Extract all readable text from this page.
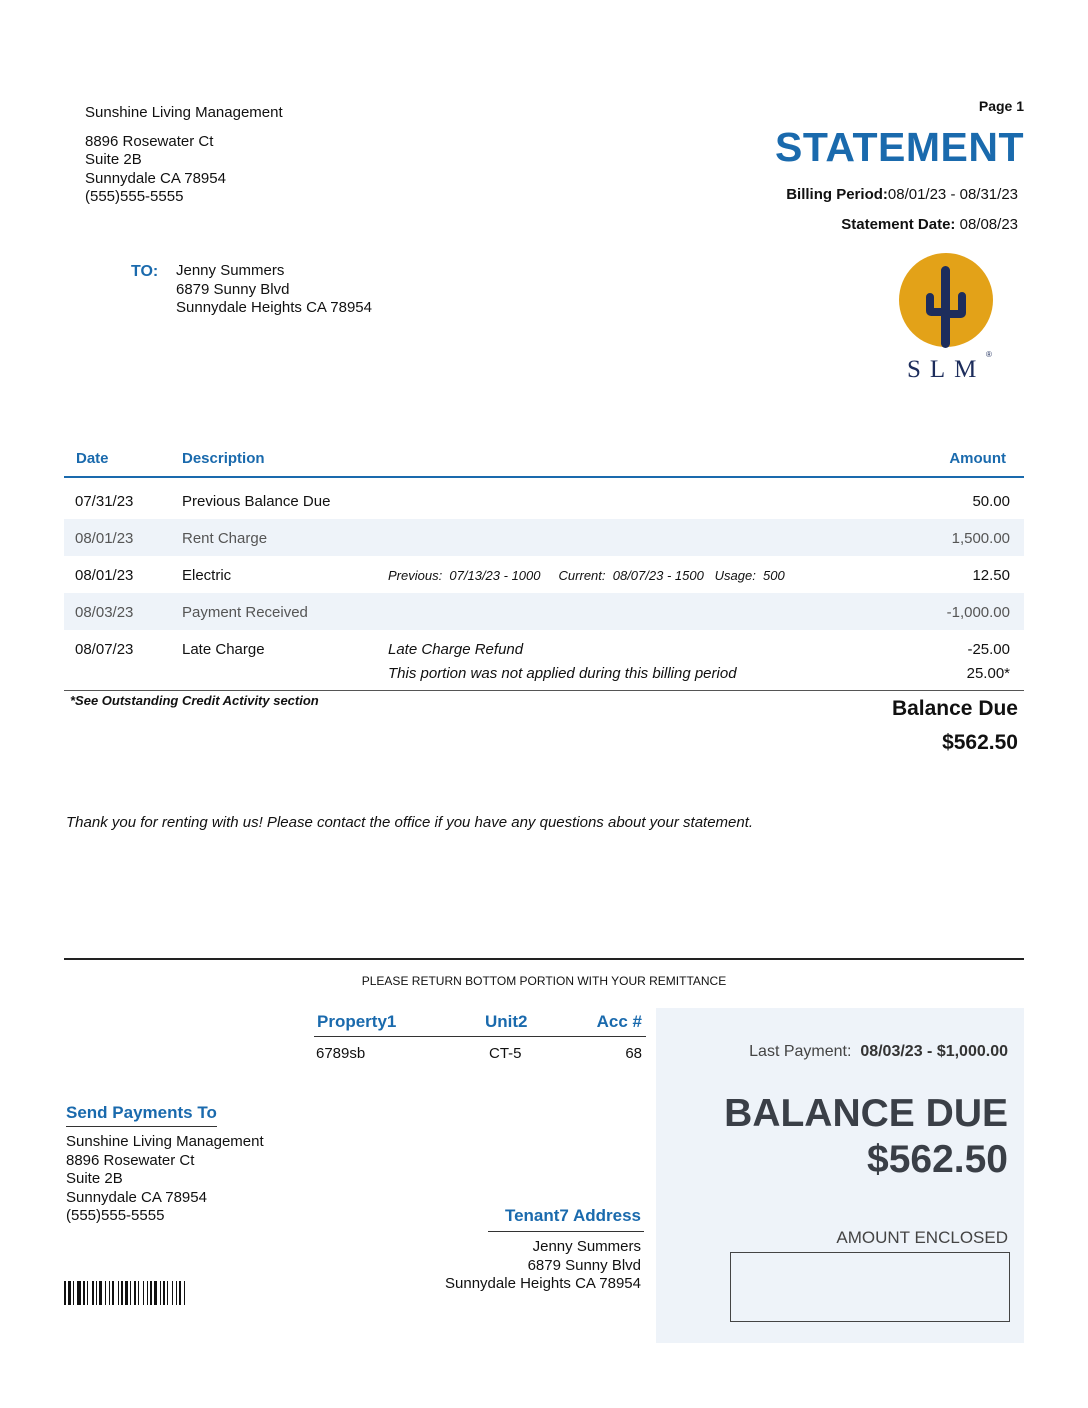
Sunshine Living Management
8896 Rosewater Ct
Suite 2B
Sunnydale CA 78954
(555)555-5555
Page 1
STATEMENT
Billing Period:08/01/23 - 08/31/23
Statement Date: 08/08/23
TO: Jenny Summers
6879 Sunny Blvd
Sunnydale Heights CA 78954
SLM
®
Date	Description	Amount
07/31/23	Previous Balance Due	50.00
08/01/23	Rent Charge	1,500.00
08/01/23	Electric	Previous:  07/13/23 - 1000     Current:  08/07/23 - 1500   Usage:  500	12.50
08/03/23	Payment Received	-1,000.00
08/07/23	Late Charge	Late Charge Refund	-25.00
This portion was not applied during this billing period	25.00*
*See Outstanding Credit Activity section	Balance Due
$562.50
Thank you for renting with us! Please contact the office if you have any questions about your statement.
PLEASE RETURN BOTTOM PORTION WITH YOUR REMITTANCE
Property1	Unit2	Acc #
6789sb	CT-5	68
Send Payments To
Sunshine Living Management
8896 Rosewater Ct
Suite 2B
Sunnydale CA 78954
(555)555-5555	Tenant7 Address
Jenny Summers
6879 Sunny Blvd
Sunnydale Heights CA 78954
Last Payment: 08/03/23 - $1,000.00
BALANCE DUE
$562.50
AMOUNT ENCLOSED
